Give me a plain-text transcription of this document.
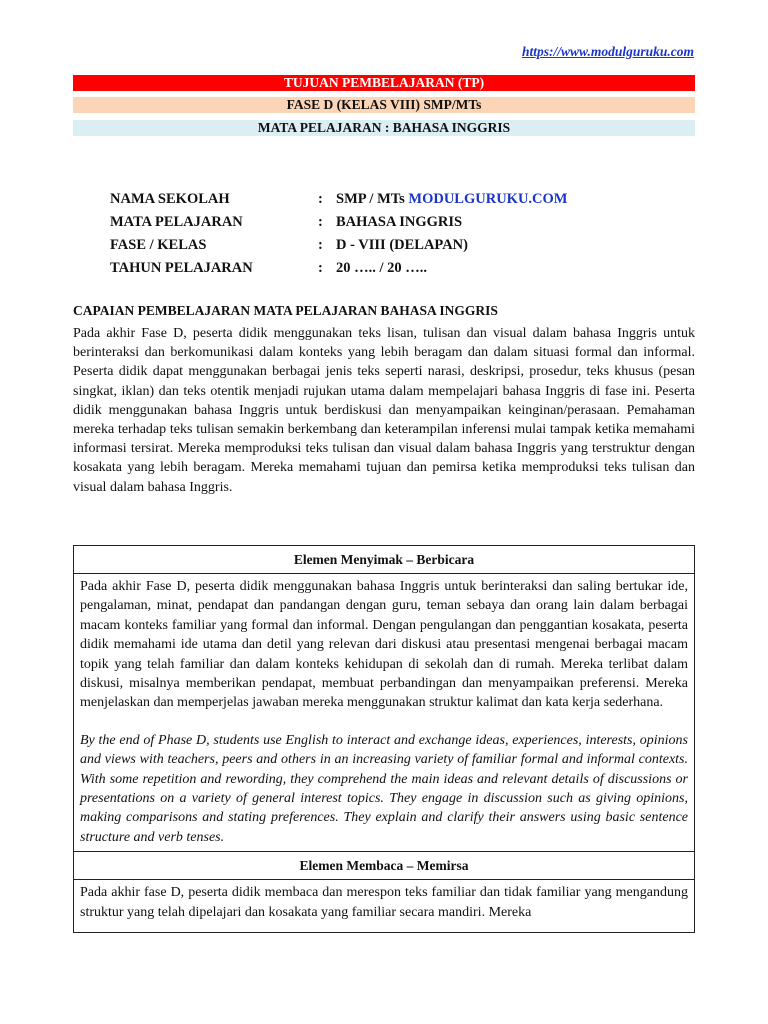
https://www.modulguruku.com
TUJUAN PEMBELAJARAN (TP)
FASE D (KELAS VIII) SMP/MTs
MATA PELAJARAN : BAHASA INGGRIS
NAMA SEKOLAH	: SMP / MTs MODULGURUKU.COM
MATA PELAJARAN	: BAHASA INGGRIS
FASE / KELAS	: D - VIII (DELAPAN)
TAHUN PELAJARAN	: 20 ….. / 20 …..
CAPAIAN PEMBELAJARAN MATA PELAJARAN BAHASA INGGRIS

Pada akhir Fase D, peserta didik menggunakan teks lisan, tulisan dan visual dalam bahasa Inggris untuk berinteraksi dan berkomunikasi dalam konteks yang lebih beragam dan dalam situasi formal dan informal. Peserta didik dapat menggunakan berbagai jenis teks seperti narasi, deskripsi, prosedur, teks khusus (pesan singkat, iklan) dan teks otentik menjadi rujukan utama dalam mempelajari bahasa Inggris di fase ini. Peserta didik menggunakan bahasa Inggris untuk berdiskusi dan menyampaikan keinginan/perasaan. Pemahaman mereka terhadap teks tulisan semakin berkembang dan keterampilan inferensi mulai tampak ketika memahami informasi tersirat. Mereka memproduksi teks tulisan dan visual dalam bahasa Inggris yang terstruktur dengan kosakata yang lebih beragam. Mereka memahami tujuan dan pemirsa ketika memproduksi teks tulisan dan visual dalam bahasa Inggris.

Elemen Menyimak – Berbicara

Pada akhir Fase D, peserta didik menggunakan bahasa Inggris untuk berinteraksi dan saling bertukar ide, pengalaman, minat, pendapat dan pandangan dengan guru, teman sebaya dan orang lain dalam berbagai macam konteks familiar yang formal dan informal. Dengan pengulangan dan penggantian kosakata, peserta didik memahami ide utama dan detil yang relevan dari diskusi atau presentasi mengenai berbagai macam topik yang telah familiar dan dalam konteks kehidupan di sekolah dan di rumah. Mereka terlibat dalam diskusi, misalnya memberikan pendapat, membuat perbandingan dan menyampaikan preferensi. Mereka menjelaskan dan memperjelas jawaban mereka menggunakan struktur kalimat dan kata kerja sederhana.

By the end of Phase D, students use English to interact and exchange ideas, experiences, interests, opinions and views with teachers, peers and others in an increasing variety of familiar formal and informal contexts. With some repetition and rewording, they comprehend the main ideas and relevant details of discussions or presentations on a variety of general interest topics. They engage in discussion such as giving opinions, making comparisons and stating preferences. They explain and clarify their answers using basic sentence structure and verb tenses.

Elemen Membaca – Memirsa

Pada akhir fase D, peserta didik membaca dan merespon teks familiar dan tidak familiar yang mengandung struktur yang telah dipelajari dan kosakata yang familiar secara mandiri. Mereka
